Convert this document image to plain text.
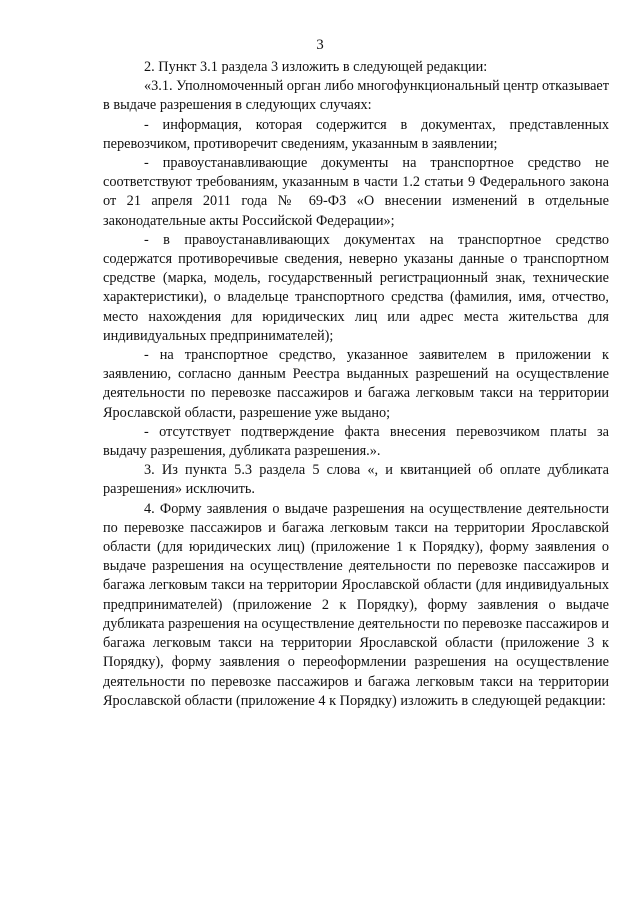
3

2. Пункт 3.1 раздела 3 изложить в следующей редакции:

«3.1. Уполномоченный орган либо многофункциональный центр отказывает в выдаче разрешения в следующих случаях:

- информация, которая содержится в документах, представленных перевозчиком, противоречит сведениям, указанным в заявлении;

- правоустанавливающие документы на транспортное средство не соответствуют требованиям, указанным в части 1.2 статьи 9 Федерального закона от 21 апреля 2011 года № 69-ФЗ «О внесении изменений в отдельные законодательные акты Российской Федерации»;

- в правоустанавливающих документах на транспортное средство содержатся противоречивые сведения, неверно указаны данные о транспортном средстве (марка, модель, государственный регистрационный знак, технические характеристики), о владельце транспортного средства (фамилия, имя, отчество, место нахождения для юридических лиц или адрес места жительства для индивидуальных предпринимателей);

- на транспортное средство, указанное заявителем в приложении к заявлению, согласно данным Реестра выданных разрешений на осуществление деятельности по перевозке пассажиров и багажа легковым такси на территории Ярославской области, разрешение уже выдано;

- отсутствует подтверждение факта внесения перевозчиком платы за выдачу разрешения, дубликата разрешения.».

3. Из пункта 5.3 раздела 5 слова «, и квитанцией об оплате дубликата разрешения» исключить.

4. Форму заявления о выдаче разрешения на осуществление деятельности по перевозке пассажиров и багажа легковым такси на территории Ярославской области (для юридических лиц) (приложение 1 к Порядку), форму заявления о выдаче разрешения на осуществление деятельности по перевозке пассажиров и багажа легковым такси на территории Ярославской области (для индивидуальных предпринимателей) (приложение 2 к Порядку), форму заявления о выдаче дубликата разрешения на осуществление деятельности по перевозке пассажиров и багажа легковым такси на территории Ярославской области (приложение 3 к Порядку), форму заявления о переоформлении разрешения на осуществление деятельности по перевозке пассажиров и багажа легковым такси на территории Ярославской области (приложение 4 к Порядку) изложить в следующей редакции:
